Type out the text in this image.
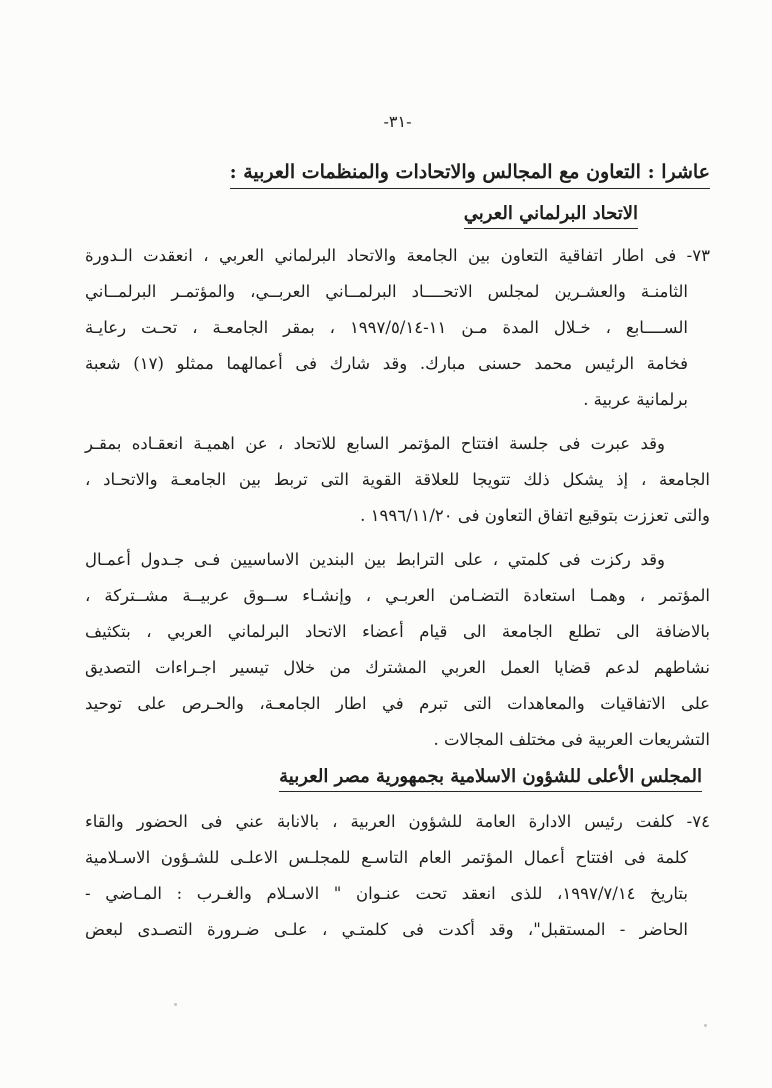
-٣١-
عاشرا : التعاون مع المجالس والاتحادات والمنظمات العربية :
الاتحاد البرلماني العربي
٧٣- فى اطار اتفاقية التعاون بين الجامعة والاتحاد البرلماني العربي ، انعقدت الـدورة
الثامنـة والعشـرين لمجلس الاتحــــاد البرلمــاني العربــي، والمؤتمـر البرلمــاني
الســــابع ، خـلال المدة مـن ١١-١٩٩٧/٥/١٤ ، بمقر الجامعـة ، تحـت رعايـة
فخامة الرئيس محمد حسنى مبارك. وقد شارك فى أعمالهما ممثلو (١٧) شعبة
برلمانية عربية .
وقد عبرت فى جلسة افتتاح المؤتمر السابع للاتحاد ، عن اهميـة انعقـاده بمقـر
الجامعة ، إذ يشكل ذلك تتويجا للعلاقة القوية التى تربط بين الجامعـة والاتحـاد ،
والتى تعززت بتوقيع اتفاق التعاون فى ١٩٩٦/١١/٢٠ .
وقد ركزت فى كلمتي ، على الترابط بين البندين الاساسيين فـى جـدول أعمـال
المؤتمر ، وهمـا استعادة التضـامن العربـي ، وإنشـاء ســوق عربيــة مشــتركة ،
بالاضافة الى تطلع الجامعة الى قيام أعضاء الاتحاد البرلماني العربي ، بتكثيف
نشاطهم لدعم قضايا العمل العربي المشترك من خلال تيسير اجـراءات التصديق
على الاتفاقيات والمعاهدات التى تبرم في اطار الجامعـة، والحـرص على توحيد
التشريعات العربية فى مختلف المجالات .
المجلس الأعلى للشؤون الاسلامية بجمهورية مصر العربية
٧٤- كلفت رئيس الادارة العامة للشؤون العربية ، بالانابة عني فى الحضور والقاء
كلمة فى افتتاح أعمال المؤتمر العام التاسـع للمجلـس الاعلـى للشـؤون الاسـلامية
بتاريخ ١٩٩٧/٧/١٤، للذى انعقد تحت عنـوان " الاسـلام والغـرب : المـاضي -
الحاضر - المستقبل"، وقد أكدت فى كلمتـي ، علـى ضـرورة التصـدى لبعض
